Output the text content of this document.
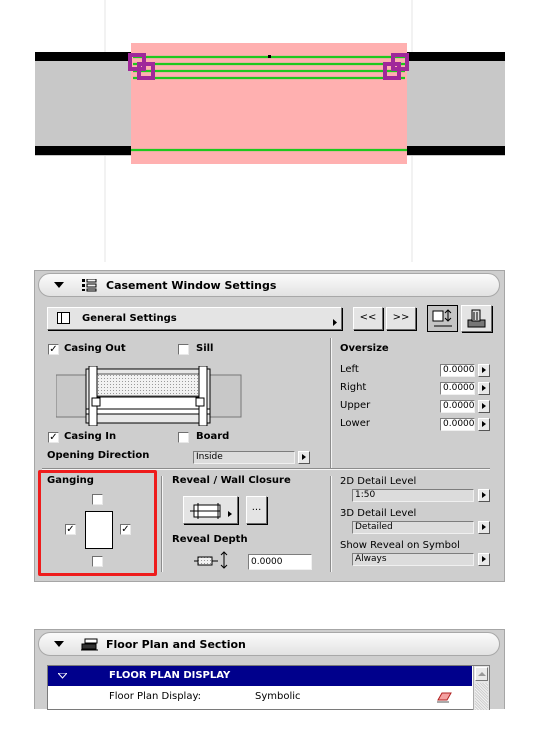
Casement Window Settings
General Settings	<<	>>
✓ Casing Out	Sill
✓ Casing In	Board
Opening Direction	Inside
Oversize
Left	0.0000
Right	0.0000
Upper	0.0000
Lower	0.0000
Ganging
✓	✓
Reveal / Wall Closure
...
Reveal Depth
0.0000
2D Detail Level
1:50
3D Detail Level
Detailed
Show Reveal on Symbol
Always
Floor Plan and Section
FLOOR PLAN DISPLAY
Floor Plan Display:	Symbolic
